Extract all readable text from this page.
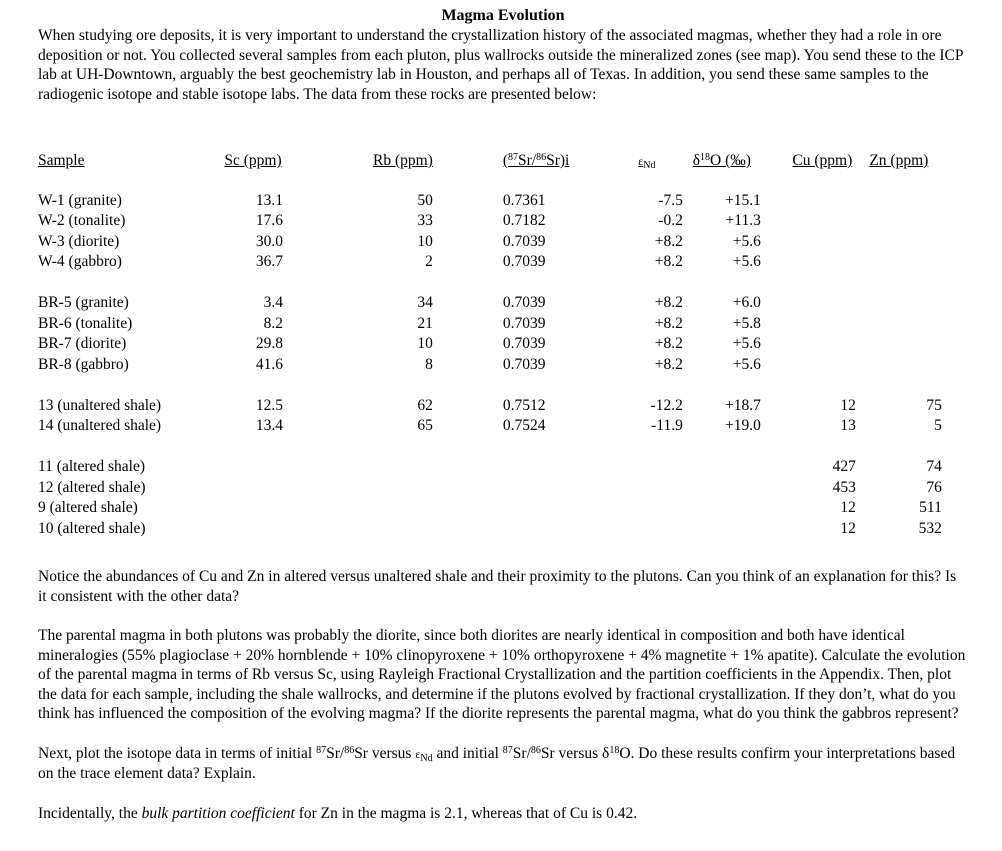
Magma Evolution

When studying ore deposits, it is very important to understand the crystallization history of the associated magmas, whether they had a role in ore deposition or not. You collected several samples from each pluton, plus wallrocks outside the mineralized zones (see map). You send these to the ICP lab at UH-Downtown, arguably the best geochemistry lab in Houston, and perhaps all of Texas. In addition, you send these same samples to the radiogenic isotope and stable isotope labs. The data from these rocks are presented below:

Sample	Sc (ppm)		Rb (ppm)		($^{87}$Sr/$^{86}$Sr)i	$\varepsilon_{Nd}$	$\delta^{18}O$ (‰)		Cu (ppm)	Zn (ppm)

W-1 (granite)	13.1		50		0.7361	-7.5	+15.1			
W-2 (tonalite)	17.6		33		0.7182	-0.2	+11.3			
W-3 (diorite)	30.0		10		0.7039	+8.2	+5.6			
W-4 (gabbro)	36.7		2		0.7039	+8.2	+5.6			

BR-5 (granite)	3.4		34		0.7039	+8.2	+6.0			
BR-6 (tonalite)	8.2		21		0.7039	+8.2	+5.8			
BR-7 (diorite)	29.8		10		0.7039	+8.2	+5.6			
BR-8 (gabbro)	41.6		8		0.7039	+8.2	+5.6			

13 (unaltered shale)	12.5		62		0.7512	-12.2	+18.7		12	75
14 (unaltered shale)	13.4		65		0.7524	-11.9	+19.0		13	5

11 (altered shale)									427	74
12 (altered shale)									453	76
9 (altered shale)									12	511
10 (altered shale)									12	532

Notice the abundances of Cu and Zn in altered versus unaltered shale and their proximity to the plutons. Can you think of an explanation for this? Is it consistent with the other data?

The parental magma in both plutons was probably the diorite, since both diorites are nearly identical in composition and both have identical mineralogies (55% plagioclase + 20% hornblende + 10% clinopyroxene + 10% orthopyroxene + 4% magnetite + 1% apatite). Calculate the evolution of the parental magma in terms of Rb versus Sc, using Rayleigh Fractional Crystallization and the partition coefficients in the Appendix. Then, plot the data for each sample, including the shale wallrocks, and determine if the plutons evolved by fractional crystallization. If they don’t, what do you think has influenced the composition of the evolving magma? If the diorite represents the parental magma, what do you think the gabbros represent?

Next, plot the isotope data in terms of initial $^{87}$Sr/$^{86}$Sr versus $\varepsilon_{Nd}$ and initial $^{87}$Sr/$^{86}$Sr versus $\delta^{18}O$. Do these results confirm your interpretations based on the trace element data? Explain.

Incidentally, the bulk partition coefficient for Zn in the magma is 2.1, whereas that of Cu is 0.42.
